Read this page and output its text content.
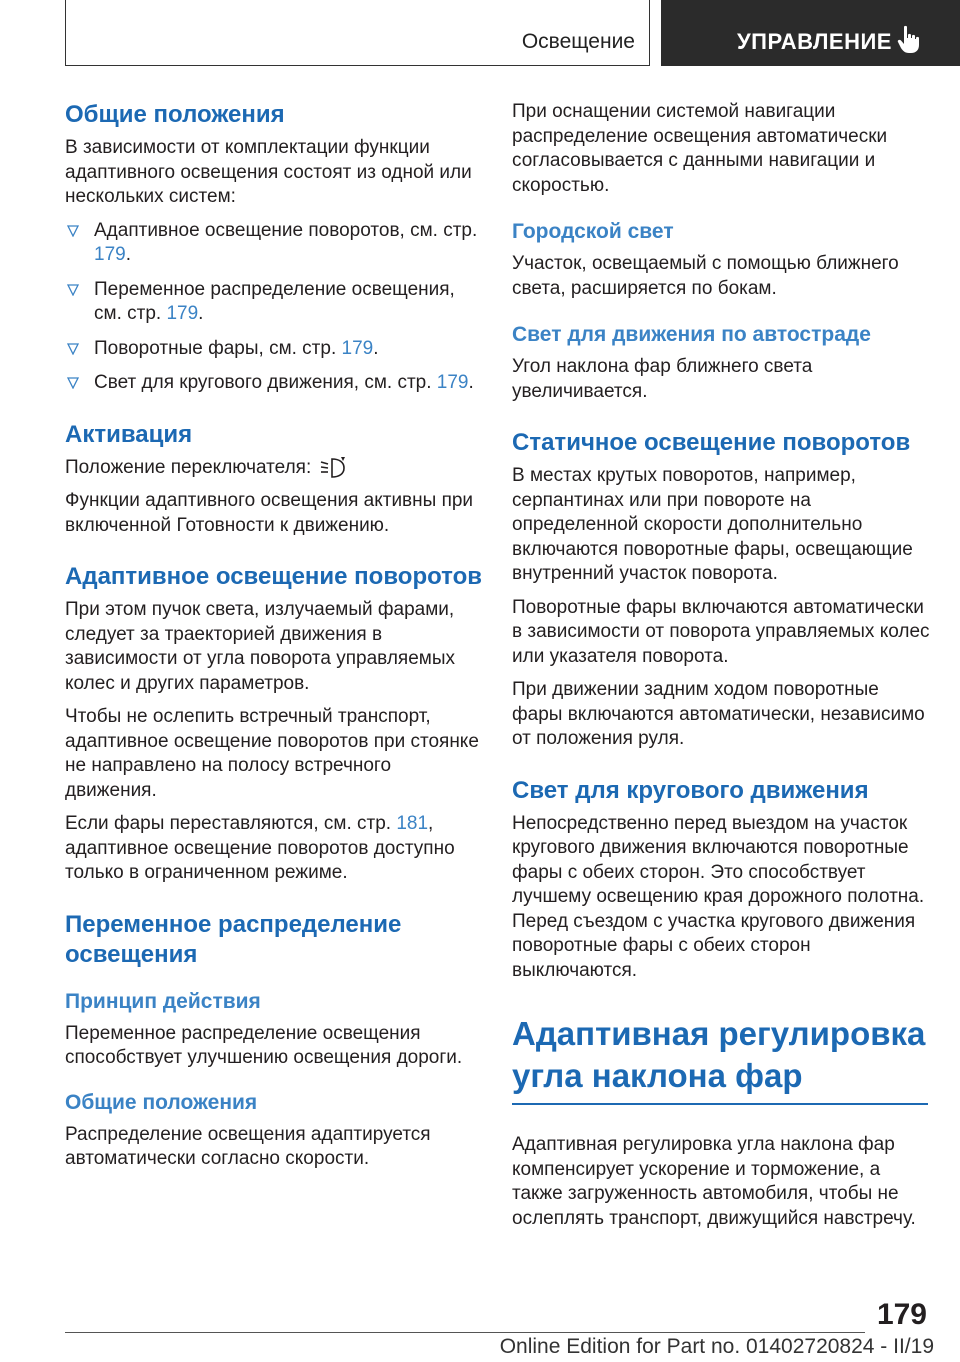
Освещение	УПРАВЛЕНИЕ
Общие положения

В зависимости от комплектации функции адаптивного освещения состоят из одной или нескольких систем:

Адаптивное освещение поворотов, см. стр. 179.
Переменное распределение освещения, см. стр. 179.
Поворотные фары, см. стр. 179.
Свет для кругового движения, см. стр. 179.
Активация

Положение переключателя:

Функции адаптивного освещения активны при включенной Готовности к движению.

Адаптивное освещение поворотов

При этом пучок света, излучаемый фарами, следует за траекторией движения в зависимости от угла поворота управляемых колес и других параметров.

Чтобы не ослепить встречный транспорт, адаптивное освещение поворотов при стоянке не направлено на полосу встречного движения.

Если фары переставляются, см. стр. 181, адаптивное освещение поворотов доступно только в ограниченном режиме.

Переменное распределение освещения
Принцип действия

Переменное распределение освещения способствует улучшению освещения дороги.

Общие положения

Распределение освещения адаптируется автоматически согласно скорости.

При оснащении системой навигации распределение освещения автоматически согласовывается с данными навигации и скоростью.

Городской свет

Участок, освещаемый с помощью ближнего света, расширяется по бокам.

Свет для движения по автостраде

Угол наклона фар ближнего света увеличивается.

Статичное освещение поворотов

В местах крутых поворотов, например, серпантинах или при повороте на определенной скорости дополнительно включаются поворотные фары, освещающие внутренний участок поворота.

Поворотные фары включаются автоматически в зависимости от поворота управляемых колес или указателя поворота.

При движении задним ходом поворотные фары включаются автоматически, независимо от положения руля.

Свет для кругового движения

Непосредственно перед выездом на участок кругового движения включаются поворотные фары с обеих сторон. Это способствует лучшему освещению края дорожного полотна. Перед съездом с участка кругового движения поворотные фары с обеих сторон выключаются.

Адаптивная регулировка угла наклона фар

Адаптивная регулировка угла наклона фар компенсирует ускорение и торможение, а также загруженность автомобиля, чтобы не ослеплять транспорт, движущийся навстречу.

179
Online Edition for Part no. 01402720824 - II/19
